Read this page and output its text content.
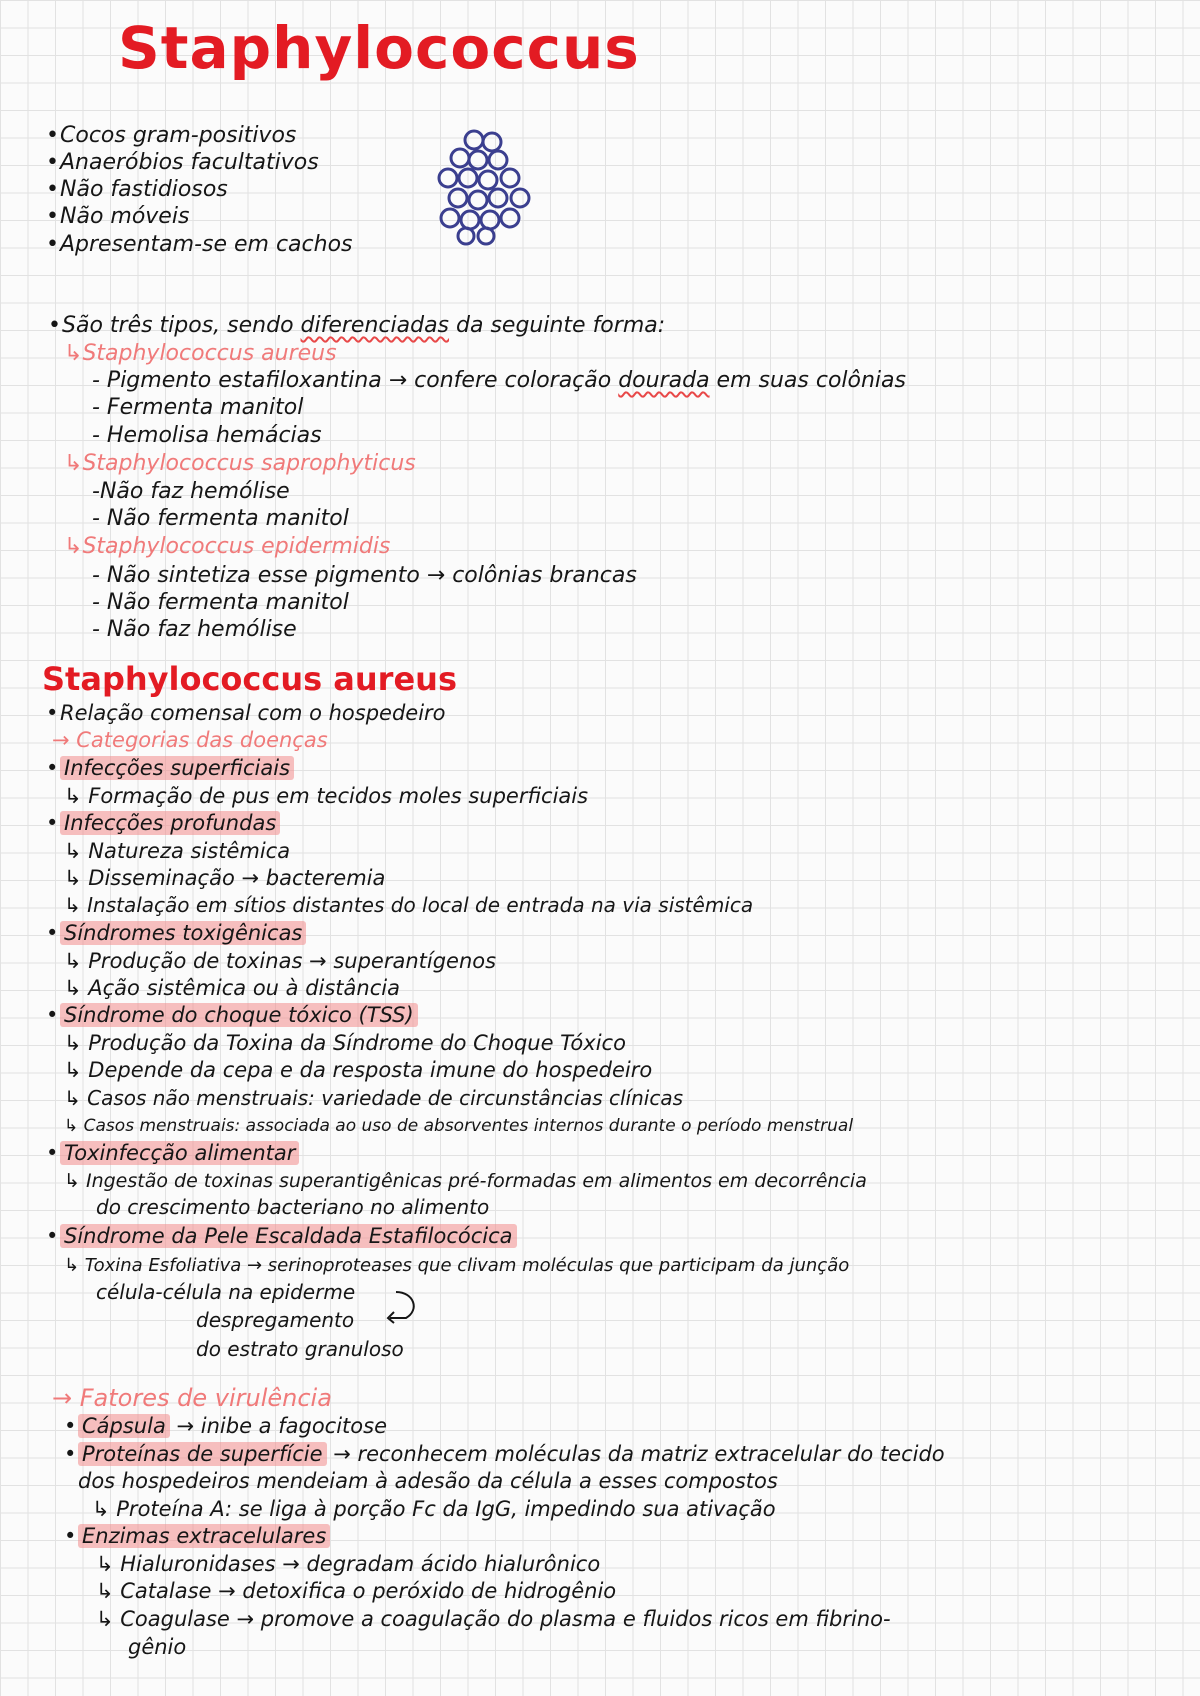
Staphylococcus
•Cocos gram-positivos
•Anaeróbios facultativos
•Não fastidiosos
•Não móveis
•Apresentam-se em cachos
•São três tipos, sendo diferenciadas da seguinte forma:
↳Staphylococcus aureus
- Pigmento estafiloxantina → confere coloração dourada em suas colônias
- Fermenta manitol
- Hemolisa hemácias
↳Staphylococcus saprophyticus
-Não faz hemólise
- Não fermenta manitol
↳Staphylococcus epidermidis
- Não sintetiza esse pigmento → colônias brancas
- Não fermenta manitol
- Não faz hemólise
Staphylococcus aureus
•Relação comensal com o hospedeiro
→ Categorias das doenças
• Infecções superficiais
↳ Formação de pus em tecidos moles superficiais
• Infecções profundas
↳ Natureza sistêmica
↳ Disseminação → bacteremia
↳ Instalação em sítios distantes do local de entrada na via sistêmica
• Síndromes toxigênicas
↳ Produção de toxinas → superantígenos
↳ Ação sistêmica ou à distância
• Síndrome do choque tóxico (TSS)
↳ Produção da Toxina da Síndrome do Choque Tóxico
↳ Depende da cepa e da resposta imune do hospedeiro
↳ Casos não menstruais: variedade de circunstâncias clínicas
↳ Casos menstruais: associada ao uso de absorventes internos durante o período menstrual
• Toxinfecção alimentar
↳ Ingestão de toxinas superantigênicas pré-formadas em alimentos em decorrência
do crescimento bacteriano no alimento
• Síndrome da Pele Escaldada Estafilocócica
↳ Toxina Esfoliativa → serinoproteases que clivam moléculas que participam da junção
célula-célula na epiderme
despregamento
do estrato granuloso
→ Fatores de virulência
• Cápsula → inibe a fagocitose
• Proteínas de superfície → reconhecem moléculas da matriz extracelular do tecido
dos hospedeiros mendeiam à adesão da célula a esses compostos
↳ Proteína A: se liga à porção Fc da IgG, impedindo sua ativação
• Enzimas extracelulares
↳ Hialuronidases → degradam ácido hialurônico
↳ Catalase → detoxifica o peróxido de hidrogênio
↳ Coagulase → promove a coagulação do plasma e fluidos ricos em fibrino-
gênio
